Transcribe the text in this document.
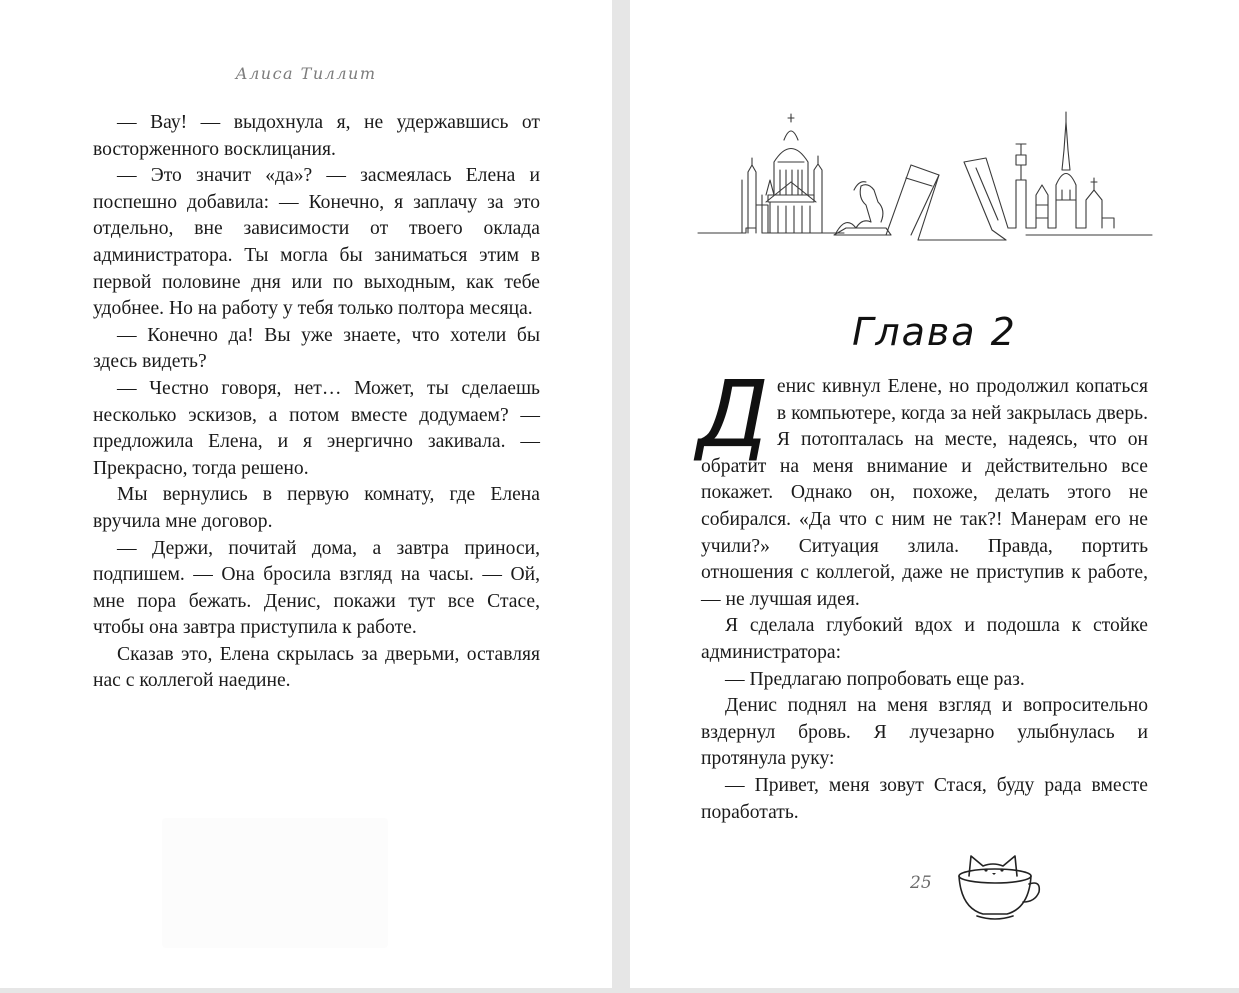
Алиса Тиллит

— Вау! — выдохнула я, не удержавшись от восторженного восклицания.

— Это значит «да»? — засмеялась Елена и поспешно добавила: — Конечно, я заплачу за это отдельно, вне зависимости от твоего оклада администратора. Ты могла бы заниматься этим в первой половине дня или по выходным, как тебе удобнее. Но на работу у тебя только полтора месяца.

— Конечно да! Вы уже знаете, что хотели бы здесь видеть?

— Честно говоря, нет… Может, ты сделаешь несколько эскизов, а потом вместе додумаем? — предложила Елена, и я энергично закивала. — Прекрасно, тогда решено.

Мы вернулись в первую комнату, где Елена вручила мне договор.

— Держи, почитай дома, а завтра приноси, подпишем. — Она бросила взгляд на часы. — Ой, мне пора бежать. Денис, покажи тут все Стасе, чтобы она завтра приступила к работе.

Сказав это, Елена скрылась за дверьми, оставляя нас с коллегой наедине.

Глава 2

Денис кивнул Елене, но продолжил копаться в компьютере, когда за ней закрылась дверь. Я потопталась на месте, надеясь, что он обратит на меня внимание и действительно все покажет. Однако он, похоже, делать этого не собирался. «Да что с ним не так?! Манерам его не учили?» Ситуация злила. Правда, портить отношения с коллегой, даже не приступив к работе, — не лучшая идея.

Я сделала глубокий вдох и подошла к стойке администратора:

— Предлагаю попробовать еще раз.

Денис поднял на меня взгляд и вопросительно вздернул бровь. Я лучезарно улыбнулась и протянула руку:

— Привет, меня зовут Стася, буду рада вместе поработать.

25
